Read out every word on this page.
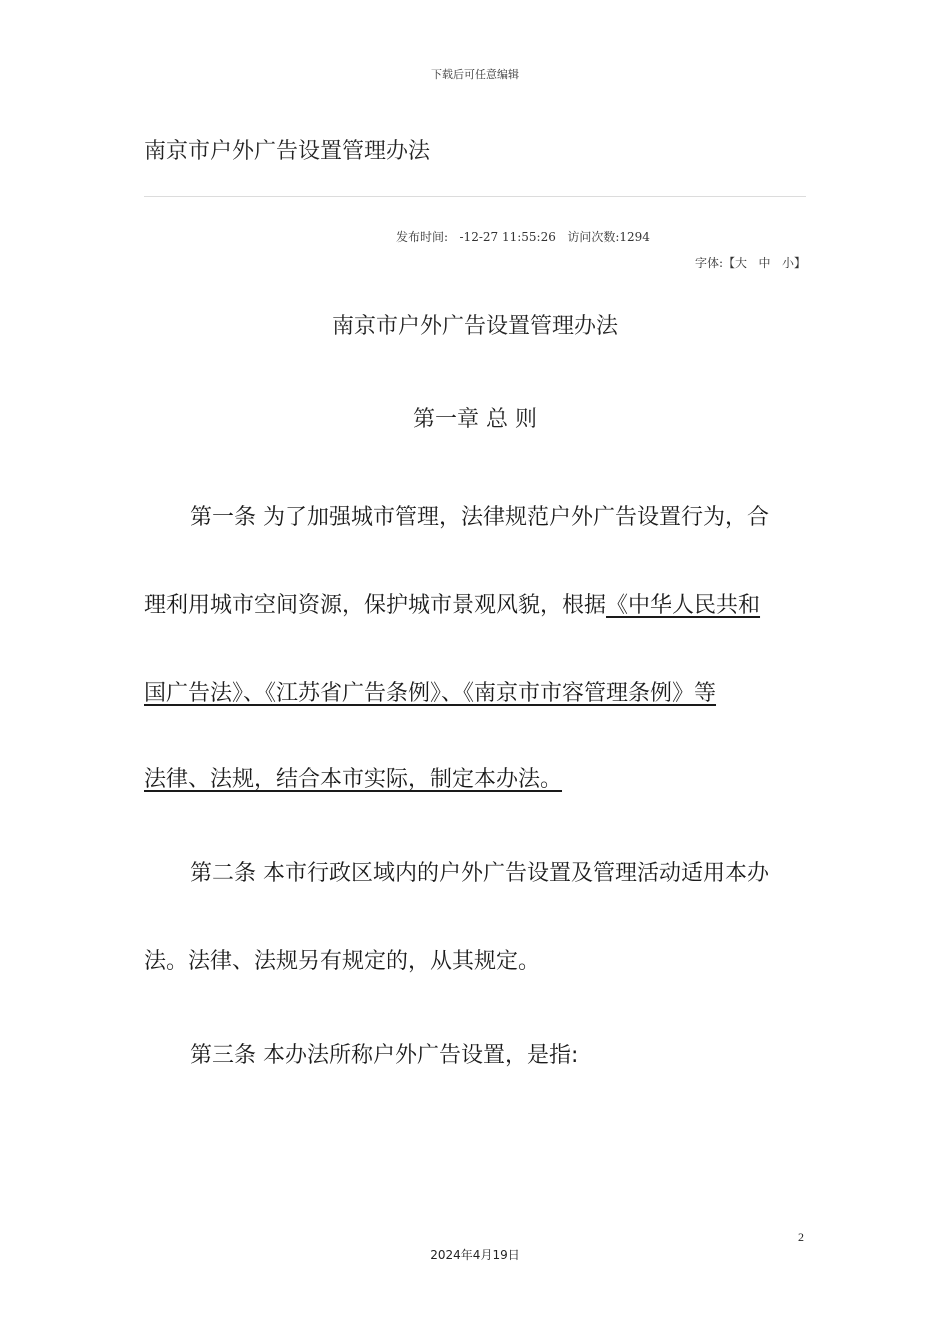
下载后可任意编辑
南京市户外广告设置管理办法
发布时间: -12-27 11:55:26 访问次数:1294
字体:【大 中 小】
南京市户外广告设置管理办法
第一章 总 则
第一条 为了加强城市管理，法律规范户外广告设置行为，合
理利用城市空间资源，保护城市景观风貌，根据《中华人民共和
国广告法》、《江苏省广告条例》、《南京市市容管理条例》等
法律、法规，结合本市实际，制定本办法。
第二条 本市行政区域内的户外广告设置及管理活动适用本办
法。法律、法规另有规定的，从其规定。
第三条 本办法所称户外广告设置，是指:
2
2024年4月19日
